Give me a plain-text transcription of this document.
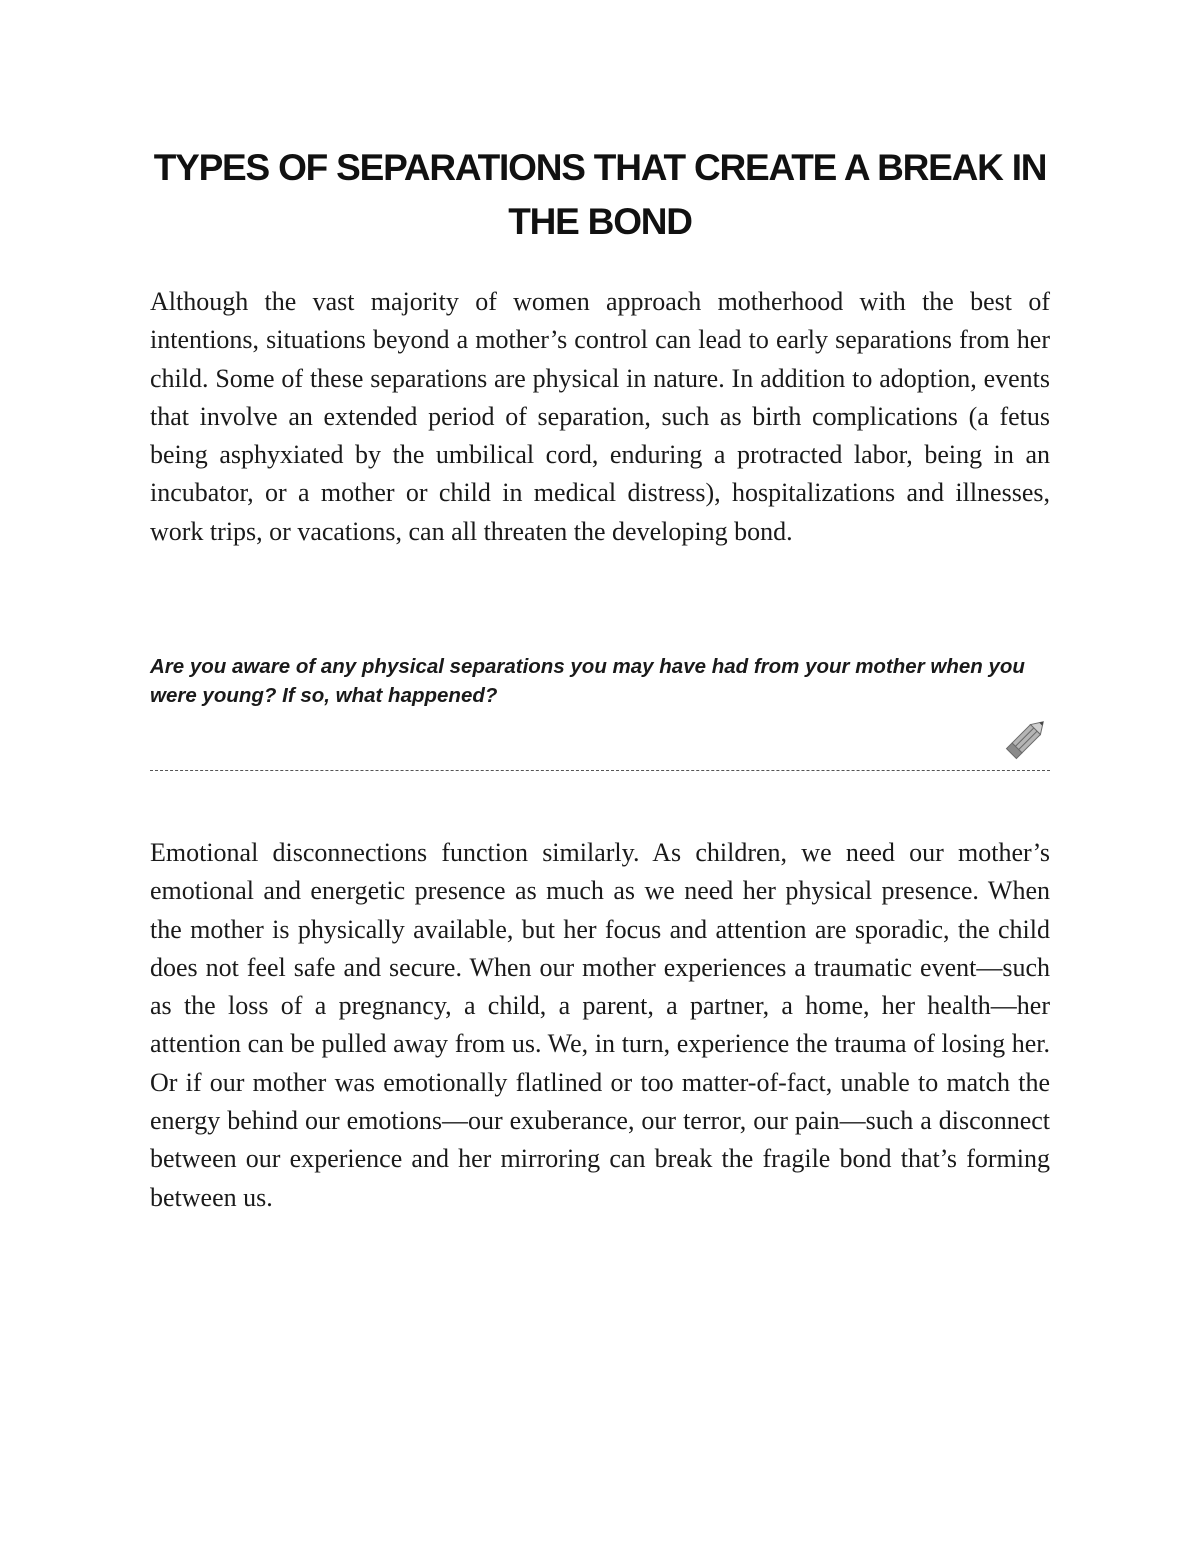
TYPES OF SEPARATIONS THAT CREATE A BREAK IN THE BOND

Although the vast majority of women approach motherhood with the best of intentions, situations beyond a mother’s control can lead to early separations from her child. Some of these separations are physical in nature. In addition to adoption, events that involve an extended period of separation, such as birth complications (a fetus being asphyxiated by the umbilical cord, enduring a protracted labor, being in an incubator, or a mother or child in medical distress), hospitalizations and illnesses, work trips, or vacations, can all threaten the developing bond.

Are you aware of any physical separations you may have had from your mother when you were young? If so, what happened?

Emotional disconnections function similarly. As children, we need our mother’s emotional and energetic presence as much as we need her physical presence. When the mother is physically available, but her focus and attention are sporadic, the child does not feel safe and secure. When our mother experiences a traumatic event—such as the loss of a pregnancy, a child, a parent, a partner, a home, her health—her attention can be pulled away from us. We, in turn, experience the trauma of losing her. Or if our mother was emotionally flatlined or too matter-of-fact, unable to match the energy behind our emotions—our exuberance, our terror, our pain—such a disconnect between our experience and her mirroring can break the fragile bond that’s forming between us.
